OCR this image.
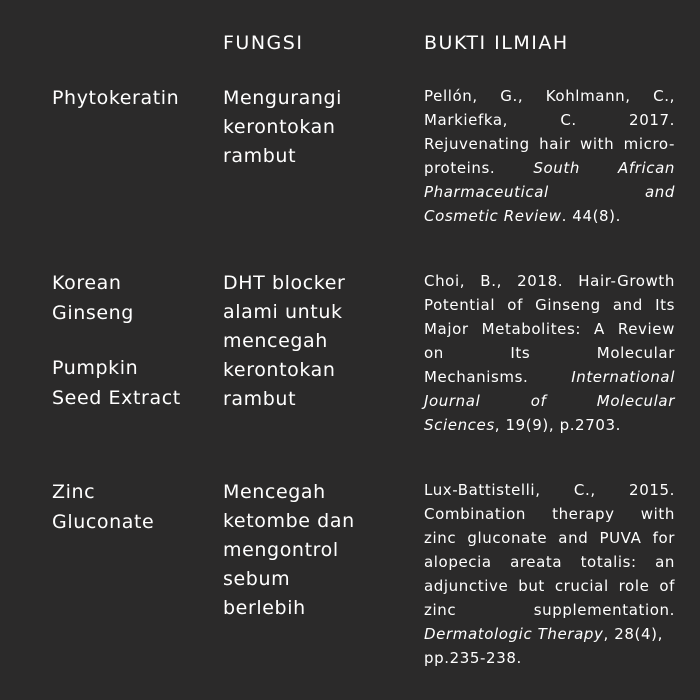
FUNGSI	BUKTI ILMIAH
Phytokeratin Mengurangi
kerontokan
rambut
Pellón, G., Kohlmann, C.,
Markiefka, C. 2017.
Rejuvenating hair with micro-
proteins. South African
Pharmaceutical and
Cosmetic Review. 44(8).
Korean
Ginseng
Pumpkin
Seed Extract
DHT blocker
alami untuk
mencegah
kerontokan
rambut
Choi, B., 2018. Hair-Growth
Potential of Ginseng and Its
Major Metabolites: A Review
on Its Molecular
Mechanisms. International
Journal of Molecular
Sciences, 19(9), p.2703.
Zinc
Gluconate
Mencegah
ketombe dan
mengontrol
sebum
berlebih
Lux-Battistelli, C., 2015.
Combination therapy with
zinc gluconate and PUVA for
alopecia areata totalis: an
adjunctive but crucial role of
zinc supplementation.
Dermatologic Therapy, 28(4),
pp.235-238.
